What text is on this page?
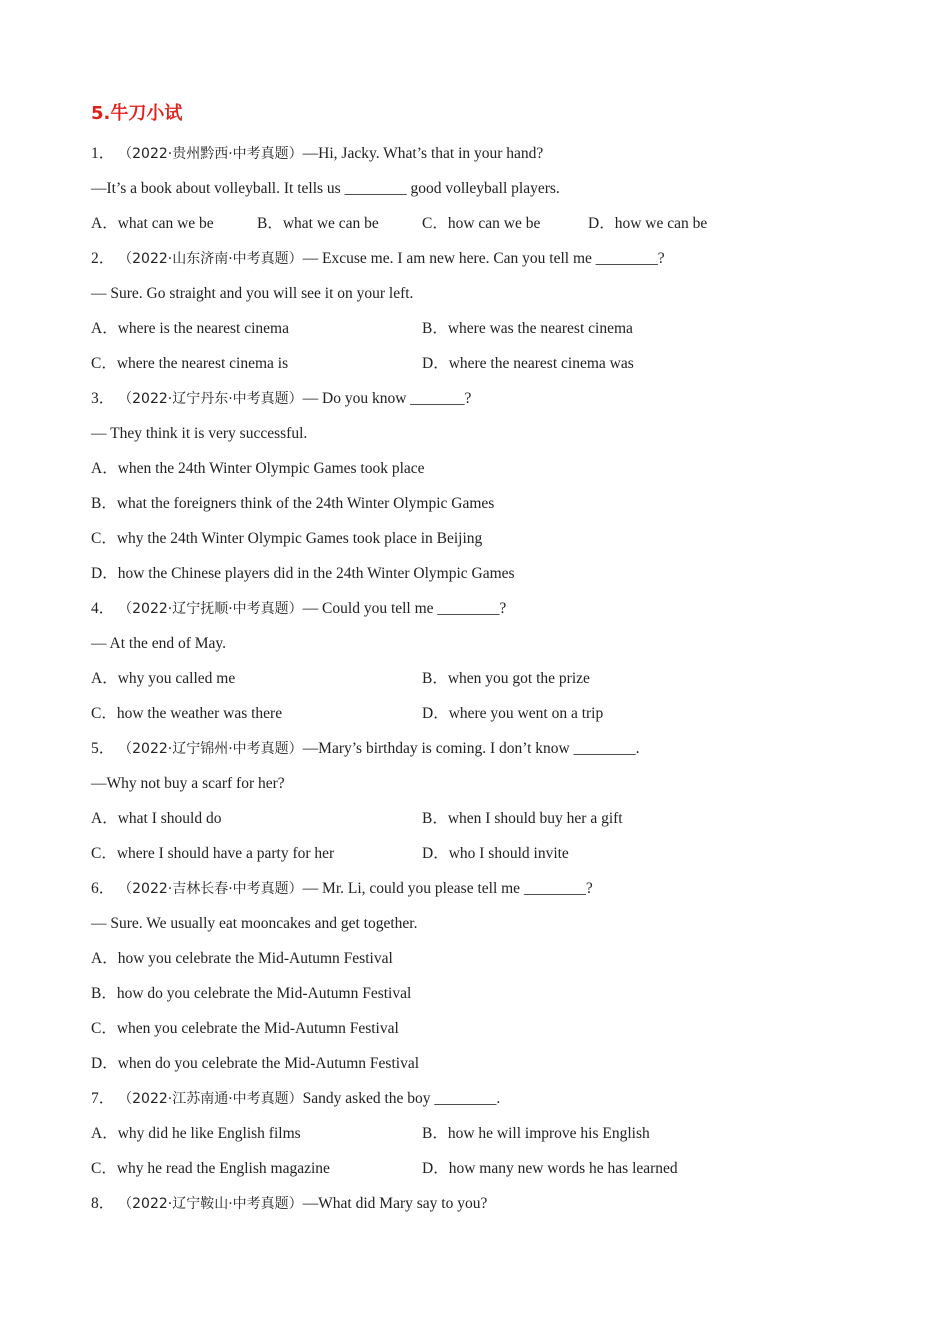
5.牛刀小试
1． （2022·贵州黔西·中考真题）—Hi, Jacky. What’s that in your hand?
—It’s a book about volleyball. It tells us ________ good volleyball players.
A．what can we be	B．what we can be	C．how can we be	D．how we can be
2． （2022·山东济南·中考真题）— Excuse me. I am new here. Can you tell me ________?
— Sure. Go straight and you will see it on your left.
A．where is the nearest cinema	B．where was the nearest cinema
C．where the nearest cinema is	D．where the nearest cinema was
3． （2022·辽宁丹东·中考真题）— Do you know _______?
— They think it is very successful.
A．when the 24th Winter Olympic Games took place
B．what the foreigners think of the 24th Winter Olympic Games
C．why the 24th Winter Olympic Games took place in Beijing
D．how the Chinese players did in the 24th Winter Olympic Games
4． （2022·辽宁抚顺·中考真题）— Could you tell me ________?
— At the end of May.
A．why you called me	B．when you got the prize
C．how the weather was there	D．where you went on a trip
5． （2022·辽宁锦州·中考真题）—Mary’s birthday is coming. I don’t know ________.
—Why not buy a scarf for her?
A．what I should do	B．when I should buy her a gift
C．where I should have a party for her	D．who I should invite
6． （2022·吉林长春·中考真题）— Mr. Li, could you please tell me ________?
— Sure. We usually eat mooncakes and get together.
A．how you celebrate the Mid-Autumn Festival
B．how do you celebrate the Mid-Autumn Festival
C．when you celebrate the Mid-Autumn Festival
D．when do you celebrate the Mid-Autumn Festival
7． （2022·江苏南通·中考真题）Sandy asked the boy ________.
A．why did he like English films	B．how he will improve his English
C．why he read the English magazine	D．how many new words he has learned
8． （2022·辽宁鞍山·中考真题）—What did Mary say to you?
